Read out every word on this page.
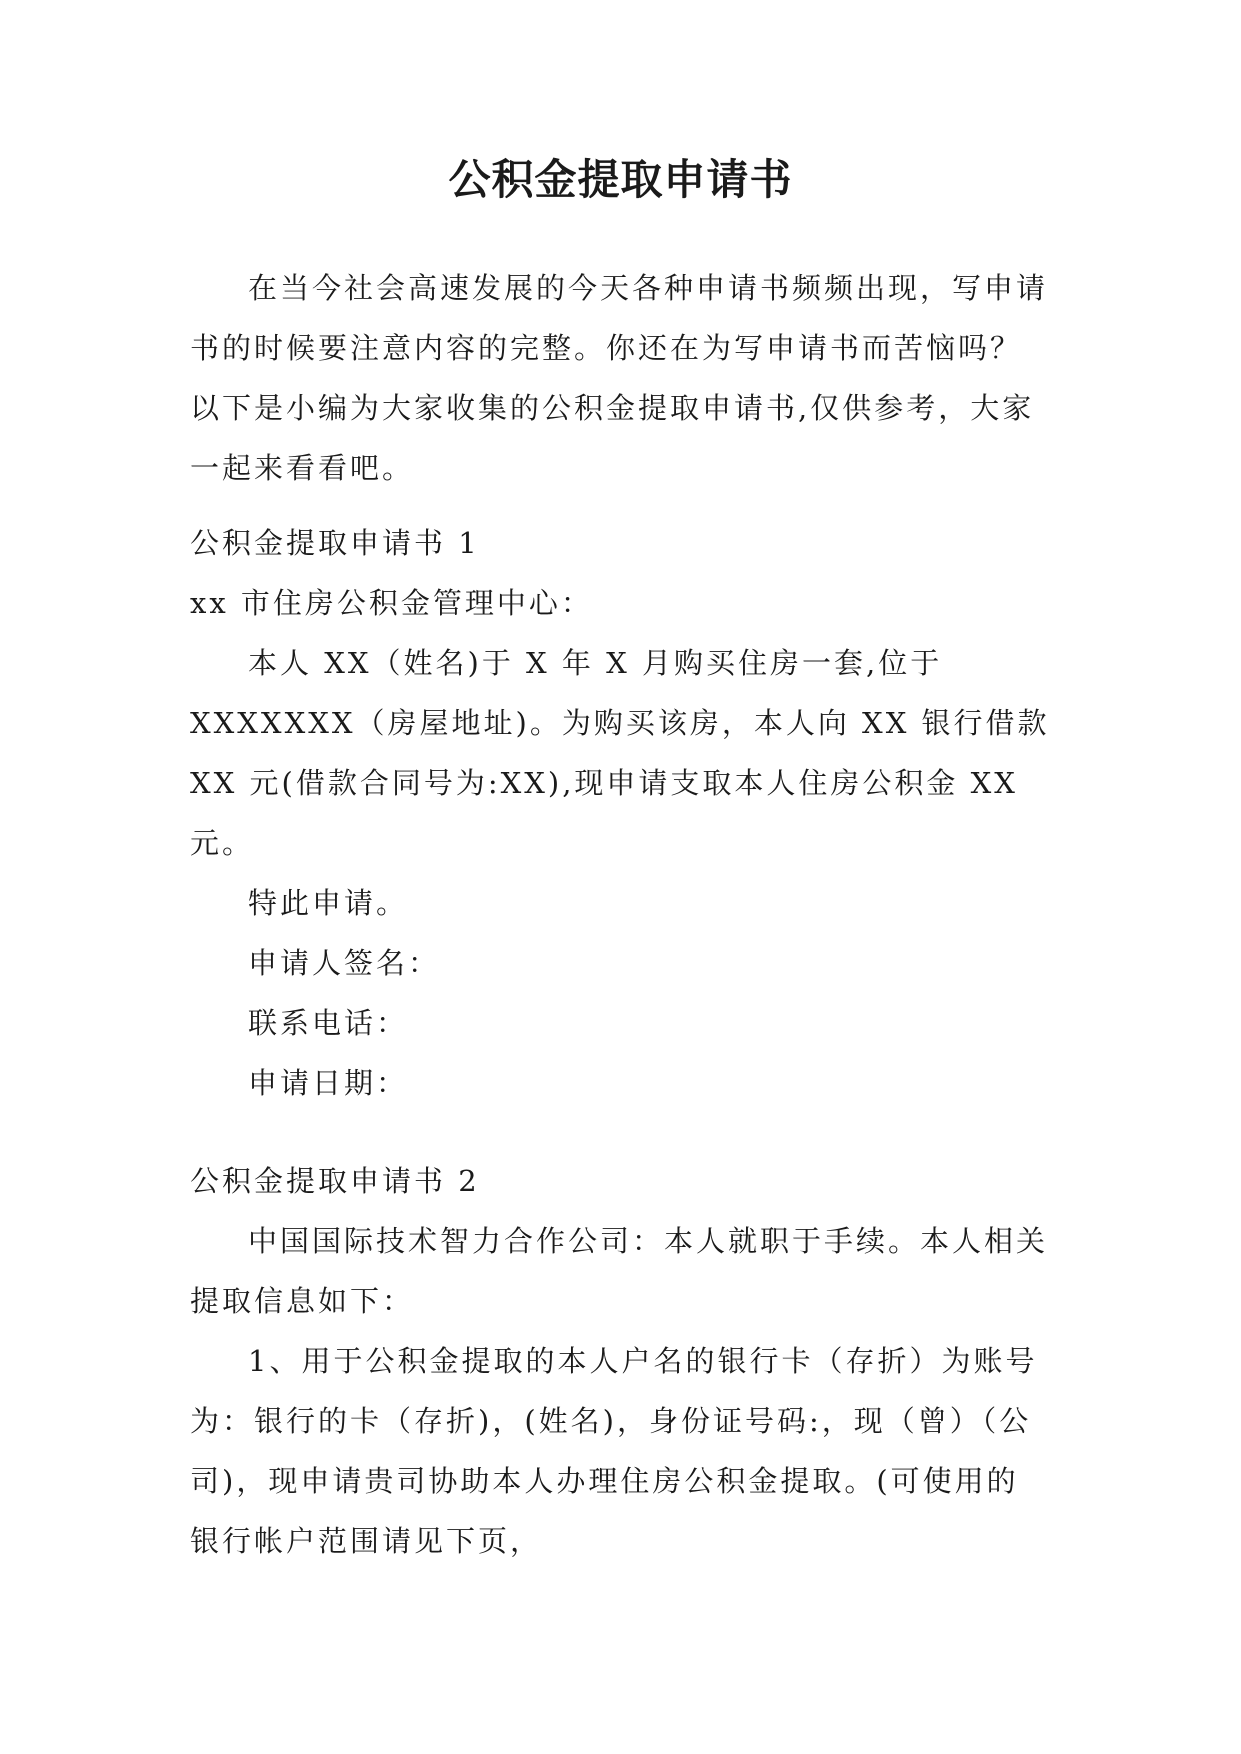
公积金提取申请书

在当今社会高速发展的今天各种申请书频频出现，写申请书的时候要注意内容的完整。你还在为写申请书而苦恼吗？以下是小编为大家收集的公积金提取申请书,仅供参考，大家一起来看看吧。

公积金提取申请书 1

xx 市住房公积金管理中心：

本人 XX（姓名)于 X 年 X 月购买住房一套,位于 XXXXXXX（房屋地址)。为购买该房，本人向 XX 银行借款 XX 元(借款合同号为:XX),现申请支取本人住房公积金 XX 元。

特此申请。

申请人签名：

联系电话：

申请日期：

公积金提取申请书 2

中国国际技术智力合作公司：本人就职于手续。本人相关提取信息如下：

1、用于公积金提取的本人户名的银行卡（存折）为账号为：银行的卡（存折)，(姓名)，身份证号码:，现（曾）（公司)，现申请贵司协助本人办理住房公积金提取。(可使用的银行帐户范围请见下页，
